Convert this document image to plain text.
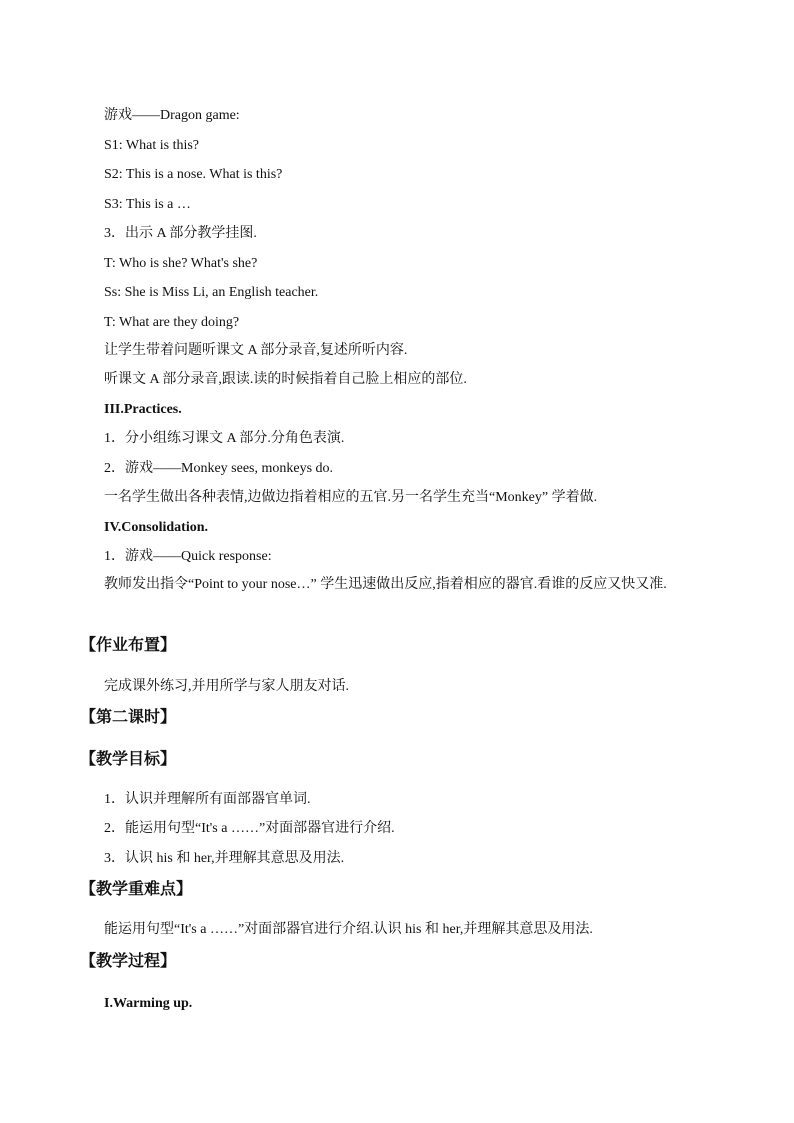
游戏——Dragon game:
S1: What is this?
S2: This is a nose. What is this?
S3: This is a …
3．出示 A 部分教学挂图.
T: Who is she? What's she?
Ss: She is Miss Li, an English teacher.
T: What are they doing?
让学生带着问题听课文 A 部分录音,复述所听内容.
听课文 A 部分录音,跟读.读的时候指着自己脸上相应的部位.
III.Practices.
1．分小组练习课文 A 部分.分角色表演.
2．游戏——Monkey sees, monkeys do.
一名学生做出各种表情,边做边指着相应的五官.另一名学生充当“Monkey” 学着做.
IV.Consolidation.
1．游戏——Quick response:
教师发出指令“Point to your nose…” 学生迅速做出反应,指着相应的器官.看谁的反应又快又准.
【作业布置】
完成课外练习,并用所学与家人朋友对话.
【第二课时】
【教学目标】
1．认识并理解所有面部器官单词.
2．能运用句型“It's a ……”对面部器官进行介绍.
3．认识 his 和 her,并理解其意思及用法.
【教学重难点】
能运用句型“It's a ……”对面部器官进行介绍.认识 his 和 her,并理解其意思及用法.
【教学过程】
I.Warming up.
